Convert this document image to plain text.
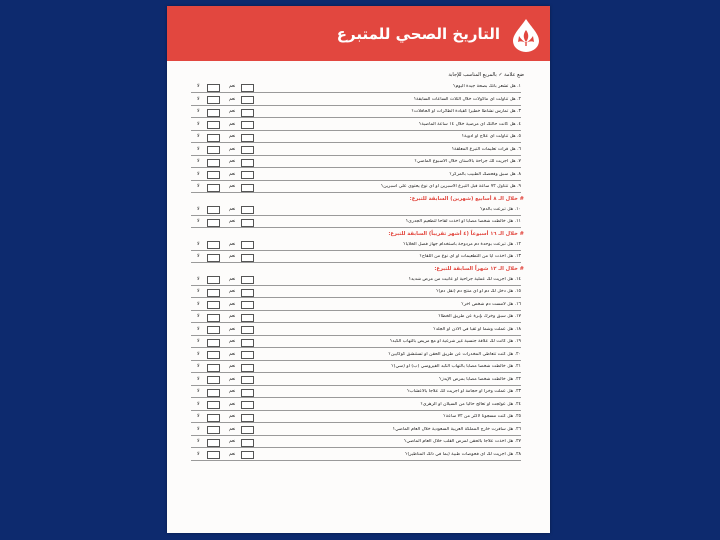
التاريخ الصحي للمتبرع
ضع علامة ✓ بالمربع المناسب للإجابة
١. هل تشعر بأنك بصحة جيدة اليوم؟
لا	نعم
٢. هل تناولت أي مأكولات خلال الثلاث الساعات السابقة؟
لا	نعم
٣. هل تمارس نشاطاً خطيراً كقيادة الطائرات أو الحافلات؟
لا	نعم
٤. هل كانت حالتك أي مرضية خلال ١٤ ساعة الماضية؟
لا	نعم
٥. هل تناولت أي علاج أو أدوية؟
لا	نعم
٦. هل قرأت تعليمات التبرع المعلقة؟
لا	نعم
٧. هل أجريت لك جراحة بالأسنان خلال الأسبوع الماضي؟
لا	نعم
٨. هل سبق وفحصك الطبيب بالمركز؟
لا	نعم
٩. هل تتناول ٧٢ ساعة قبل التبرع الأسبرين أو أي نوع يحتوي على أسبرين؟
لا	نعم
# خلال الـ ٨ أسابيع (شهرين) السابقة للتبرع:
١٠. هل تبرعت بالدم؟
لا	نعم
١١. هل خالطت شخصاً مصاباً أو أخذت لقاحاً لتطعيم الجدري؟
لا	نعم
# خلال الـ ١٦ أسبوعاً (٤ أشهر تقريباً) السابقة للتبرع:
١٢. هل تبرعت بوحدة دم مزدوجة باستخدام جهاز فصل الخلايا؟
لا	نعم
١٣. هل أخذت أياً من التطعيمات أو أي نوع من اللقاح؟
لا	نعم
# خلال الـ ١٢ شهراً السابقة للتبرع:
١٤. هل أجريت لك عملية جراحية أو عانيت من مرض شديد؟
لا	نعم
١٥. هل دخل لك دم أو أي منتج دم (نقل دم)؟
لا	نعم
١٦. هل لامست دم شخص آخر؟
لا	نعم
١٧. هل سبق وخزك بإبرة عن طريق الخطأ؟
لا	نعم
١٨. هل عملت وشماً أو ثقباً في الأذن أو الجلد؟
لا	نعم
١٩. هل كانت لك علاقة جنسية غير شرعية أو مع مريض بالتهاب الكبد؟
لا	نعم
٢٠. هل كنت تتعاطى المخدرات عن طريق الحقن أو تستنشق كوكايين؟
لا	نعم
٢١. هل خالطت شخصاً مصاباً بالتهاب الكبد الفيروسي (ب) أو (سي)؟
لا	نعم
٢٢. هل خالطت شخصاً مصاباً بمرض الإيدز؟
لا	نعم
٢٣. هل عملت وخزاً أو حجامة أو أجريت لك علاجاً بالأعشاب؟
لا	نعم
٢٤. هل عولجت أو تعالج حالياً من السيلان أو الزهري؟
لا	نعم
٢٥. هل كنت مسجوناً لأكثر من ٧٢ ساعة؟
لا	نعم
٢٦. هل سافرت خارج المملكة العربية السعودية خلال العام الماضي؟
لا	نعم
٢٧. هل أخذت علاجاً بالحقن لمرض القلب خلال العام الماضي؟
لا	نعم
٢٨. هل أجريت لك أي فحوصات طبية (بما في ذلك المناظير)؟
لا	نعم
